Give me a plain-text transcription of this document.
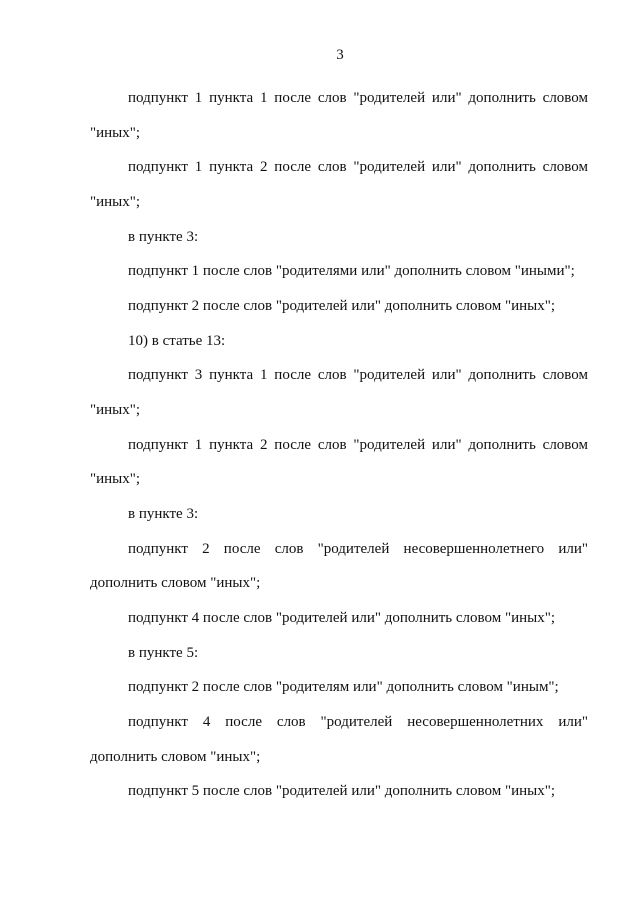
3
подпункт 1 пункта 1 после слов "родителей или" дополнить словом
"иных";
подпункт 1 пункта 2 после слов "родителей или" дополнить словом
"иных";
в пункте 3:
подпункт 1 после слов "родителями или" дополнить словом "иными";
подпункт 2 после слов "родителей или" дополнить словом "иных";
10) в статье 13:
подпункт 3 пункта 1 после слов "родителей или" дополнить словом
"иных";
подпункт 1 пункта 2 после слов "родителей или" дополнить словом
"иных";
в пункте 3:
подпункт 2 после слов "родителей несовершеннолетнего или"
дополнить словом "иных";
подпункт 4 после слов "родителей или" дополнить словом "иных";
в пункте 5:
подпункт 2 после слов "родителям или" дополнить словом "иным";
подпункт 4 после слов "родителей несовершеннолетних или"
дополнить словом "иных";
подпункт 5 после слов "родителей или" дополнить словом "иных";
